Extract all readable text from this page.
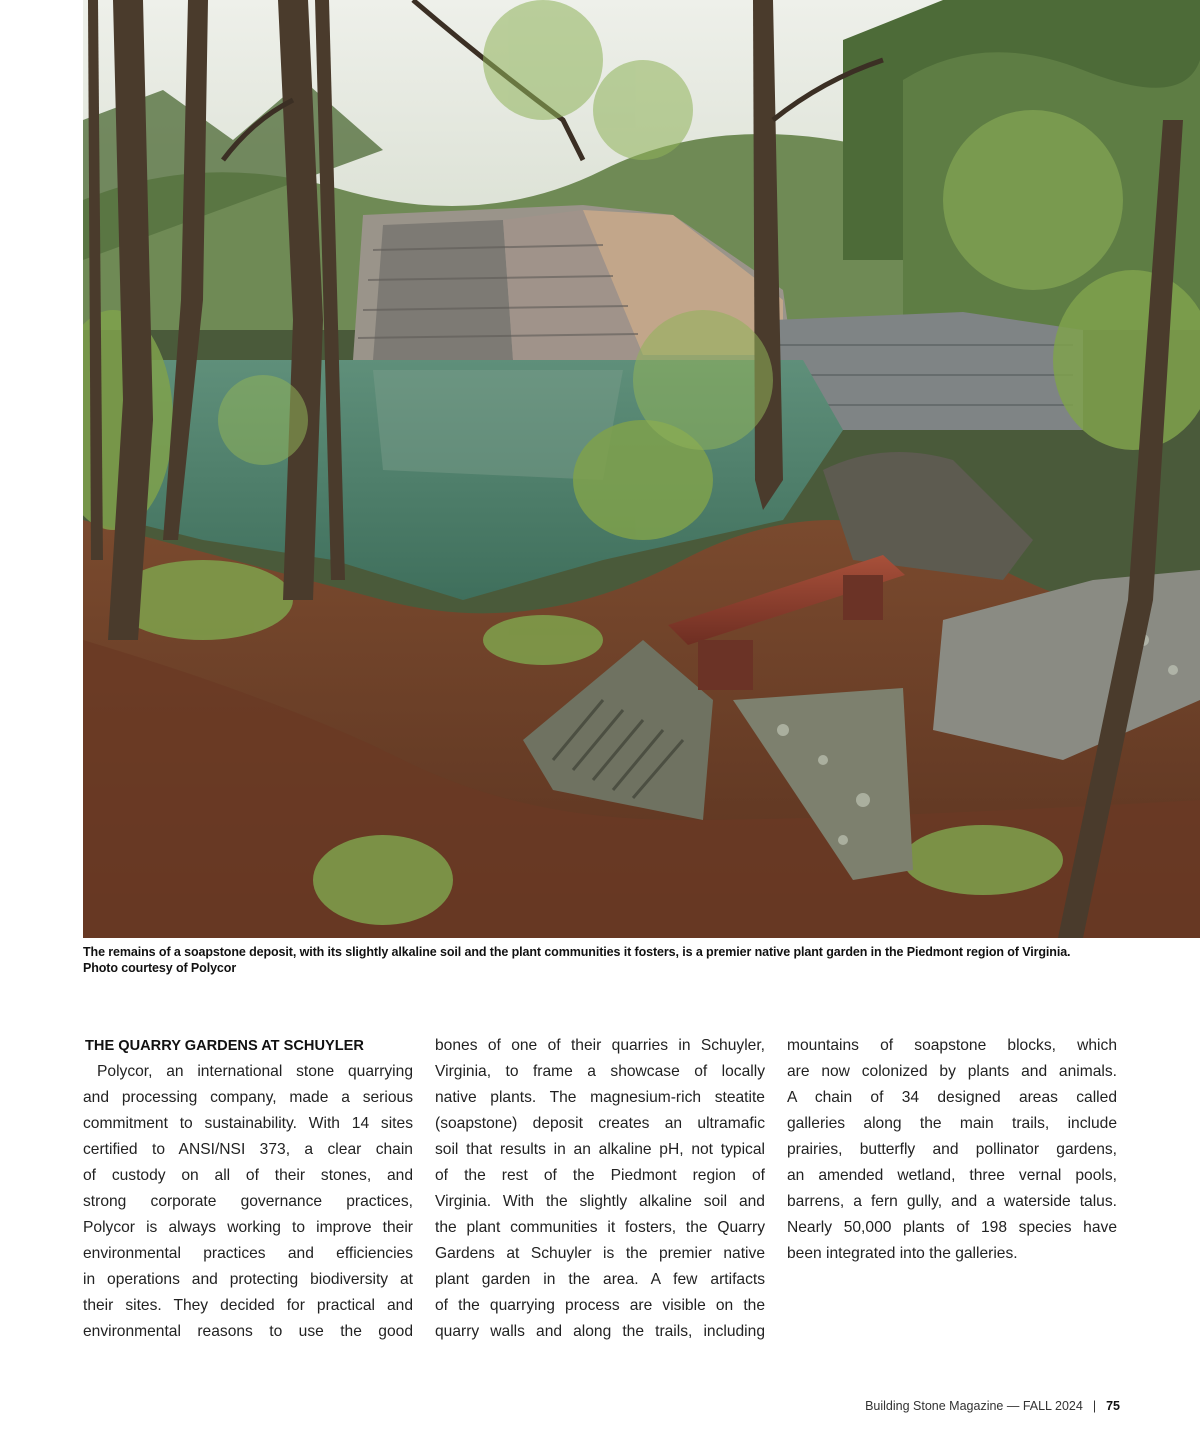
The remains of a soapstone deposit, with its slightly alkaline soil and the plant communities it fosters, is a premier native plant garden in the Piedmont region of Virginia.
Photo courtesy of Polycor
THE QUARRY GARDENS AT SCHUYLER
Polycor, an international stone quarrying
and processing company, made a serious
commitment to sustainability. With 14 sites
certified to ANSI/NSI 373, a clear chain
of custody on all of their stones, and
strong corporate governance practices,
Polycor is always working to improve their
environmental practices and efficiencies
in operations and protecting biodiversity at
their sites. They decided for practical and
environmental reasons to use the good
bones of one of their quarries in Schuyler,
Virginia, to frame a showcase of locally
native plants. The magnesium-rich steatite
(soapstone) deposit creates an ultramafic
soil that results in an alkaline pH, not typical
of the rest of the Piedmont region of
Virginia. With the slightly alkaline soil and
the plant communities it fosters, the Quarry
Gardens at Schuyler is the premier native
plant garden in the area. A few artifacts
of the quarrying process are visible on the
quarry walls and along the trails, including
mountains of soapstone blocks, which
are now colonized by plants and animals.
A chain of 34 designed areas called
galleries along the main trails, include
prairies, butterfly and pollinator gardens,
an amended wetland, three vernal pools,
barrens, a fern gully, and a waterside talus.
Nearly 50,000 plants of 198 species have
been integrated into the galleries.
Building Stone Magazine — FALL 2024 | 75
